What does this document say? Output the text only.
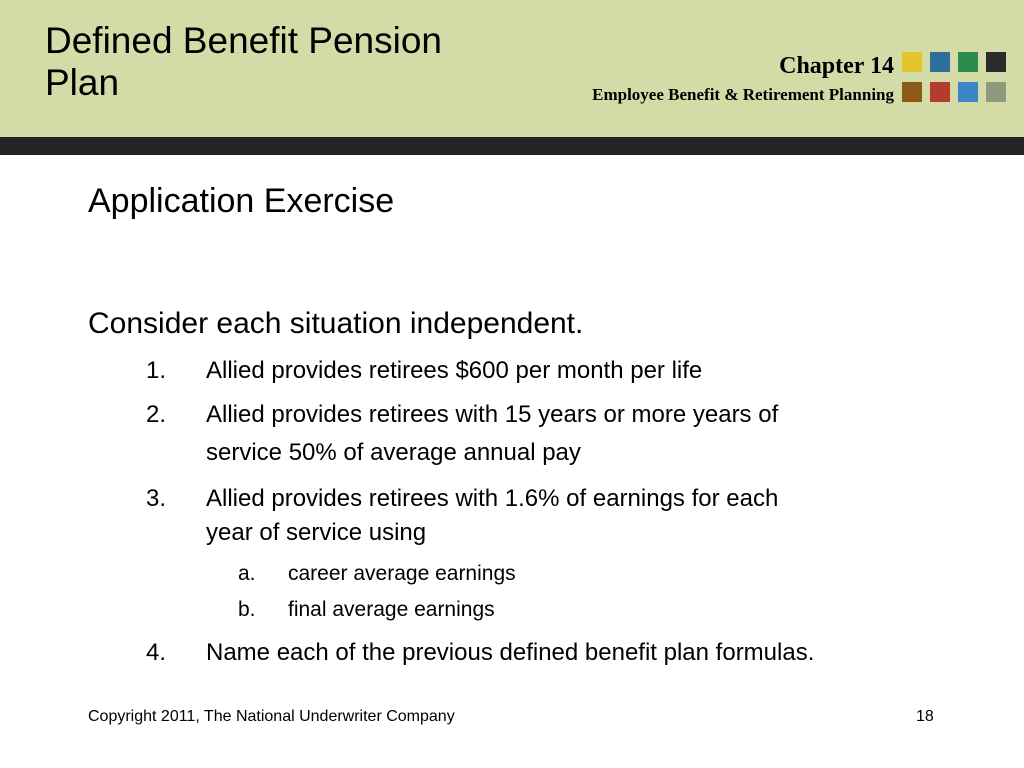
Defined Benefit Pension
Plan	Chapter 14
Employee Benefit & Retirement Planning
Application Exercise
Consider each situation independent.
1. Allied provides retirees $600 per month per life
2. Allied provides retirees with 15 years or more years of
service 50% of average annual pay
3. Allied provides retirees with 1.6% of earnings for each
year of service using
a. career average earnings
b. final average earnings
4. Name each of the previous defined benefit plan formulas.
Copyright 2011, The National Underwriter Company	18
